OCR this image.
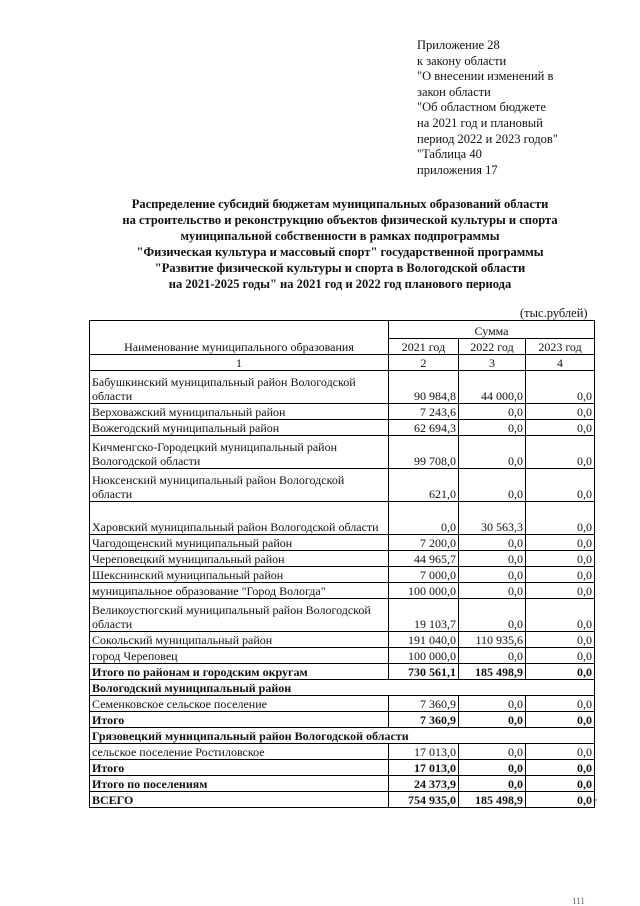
Приложение 28
к закону области
"О внесении изменений в
закон области
"Об областном бюджете
на 2021 год и плановый
период 2022 и 2023 годов"
"Таблица 40
приложения 17
Распределение субсидий бюджетам муниципальных образований области
на строительство и реконструкцию объектов физической культуры и спорта
муниципальной собственности в рамках подпрограммы
"Физическая культура и массовый спорт" государственной программы
"Развитие физической культуры и спорта в Вологодской области
на 2021-2025 годы" на 2021 год и 2022 год планового периода
(тыс.рублей)
Наименование муниципального образования	Сумма		
	2021 год	2022 год	2023 год
1	2	3	4
Бабушкинский муниципальный район Вологодской области	90 984,8	44 000,0	0,0
Верховажский муниципальный район	7 243,6	0,0	0,0
Вожегодский муниципальный район	62 694,3	0,0	0,0
Кичменгско-Городецкий муниципальный район Вологодской области	99 708,0	0,0	0,0
Нюксенский муниципальный район Вологодской области	621,0	0,0	0,0
Харовский муниципальный район Вологодской области	0,0	30 563,3	0,0
Чагодощенский муниципальный район	7 200,0	0,0	0,0
Череповецкий муниципальный район	44 965,7	0,0	0,0
Шекснинский муниципальный район	7 000,0	0,0	0,0
муниципальное образование "Город Вологда"	100 000,0	0,0	0,0
Великоустюгский муниципальный район Вологодской области	19 103,7	0,0	0,0
Сокольский муниципальный район	191 040,0	110 935,6	0,0
город Череповец	100 000,0	0,0	0,0
Итого по районам и городским округам	730 561,1	185 498,9	0,0
Вологодский муниципальный район			
Семенковское сельское поселение	7 360,9	0,0	0,0
Итого	7 360,9	0,0	0,0
Грязовецкий муниципальный район Вологодской области			
сельское поселение Ростиловское	17 013,0	0,0	0,0
Итого	17 013,0	0,0	0,0
Итого по поселениям	24 373,9	0,0	0,0
ВСЕГО	754 935,0	185 498,9	0,0 "
111
